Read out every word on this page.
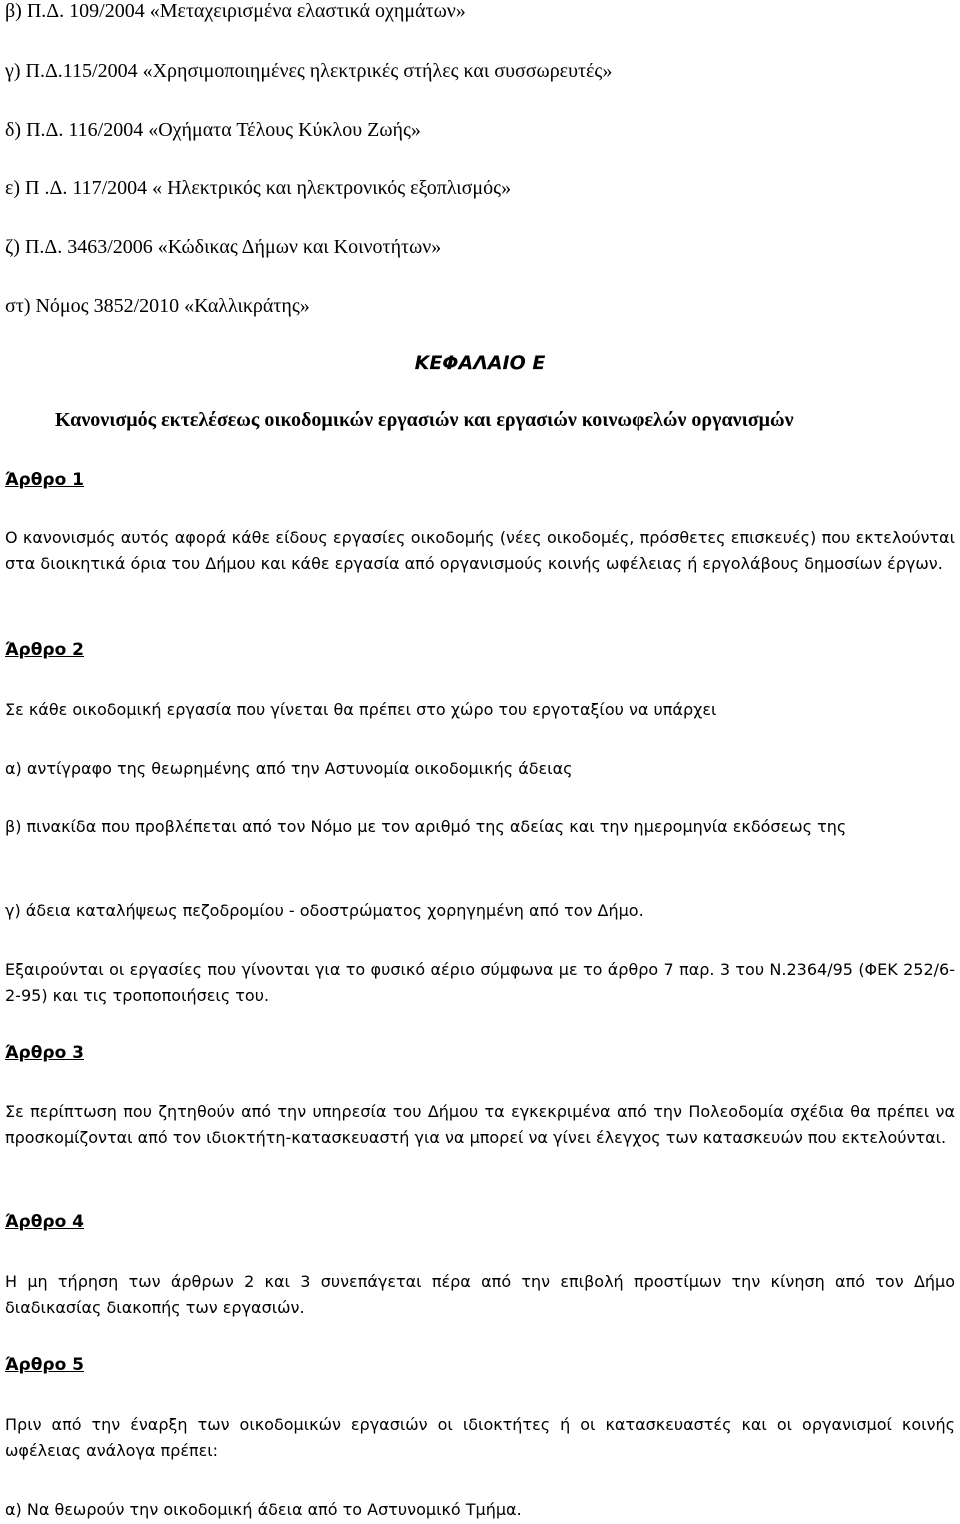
β) Π.Δ. 109/2004 «Μεταχειρισμένα ελαστικά οχημάτων»
γ) Π.Δ.115/2004 «Χρησιμοποιημένες ηλεκτρικές στήλες και συσσωρευτές»
δ) Π.Δ. 116/2004 «Οχήματα Τέλους Κύκλου Ζωής»
ε) Π .Δ. 117/2004 « Ηλεκτρικός και ηλεκτρονικός εξοπλισμός»
ζ) Π.Δ. 3463/2006 «Κώδικας Δήμων και Κοινοτήτων»
στ) Νόμος 3852/2010 «Καλλικράτης»
ΚΕΦΑΛΑΙΟ Ε
Κανονισμός εκτελέσεως οικοδομικών εργασιών και εργασιών κοινωφελών οργανισμών
Άρθρο 1
Ο κανονισμός αυτός αφορά κάθε είδους εργασίες οικοδομής (νέες οικοδομές, πρόσθετες επισκευές) που εκτελούνται στα διοικητικά όρια του Δήμου και κάθε εργασία από οργανισμούς κοινής ωφέλειας ή εργολάβους δημοσίων έργων.
Άρθρο 2
Σε κάθε οικοδομική εργασία που γίνεται θα πρέπει στο χώρο του εργοταξίου να υπάρχει
α) αντίγραφο της θεωρημένης από την Αστυνομία οικοδομικής άδειας
β) πινακίδα που προβλέπεται από τον Νόμο με τον αριθμό της αδείας και την ημερομηνία εκδόσεως της
γ) άδεια καταλήψεως πεζοδρομίου - οδοστρώματος χορηγημένη από τον Δήμο.
Εξαιρούνται οι εργασίες που γίνονται για το φυσικό αέριο σύμφωνα με το άρθρο 7 παρ. 3 του Ν.2364/95 (ΦΕΚ 252/6-2-95) και τις τροποποιήσεις του.
Άρθρο 3
Σε περίπτωση που ζητηθούν από την υπηρεσία του Δήμου τα εγκεκριμένα από την Πολεοδομία σχέδια θα πρέπει να προσκομίζονται από τον ιδιοκτήτη-κατασκευαστή για να μπορεί να γίνει έλεγχος των κατασκευών που εκτελούνται.
Άρθρο 4
Η μη τήρηση των άρθρων 2 και 3 συνεπάγεται πέρα από την επιβολή προστίμων την κίνηση από τον Δήμο διαδικασίας διακοπής των εργασιών.
Άρθρο 5
Πριν από την έναρξη των οικοδομικών εργασιών οι ιδιοκτήτες ή οι κατασκευαστές και οι οργανισμοί κοινής ωφέλειας ανάλογα πρέπει:
α) Να θεωρούν την οικοδομική άδεια από το Αστυνομικό Τμήμα.
